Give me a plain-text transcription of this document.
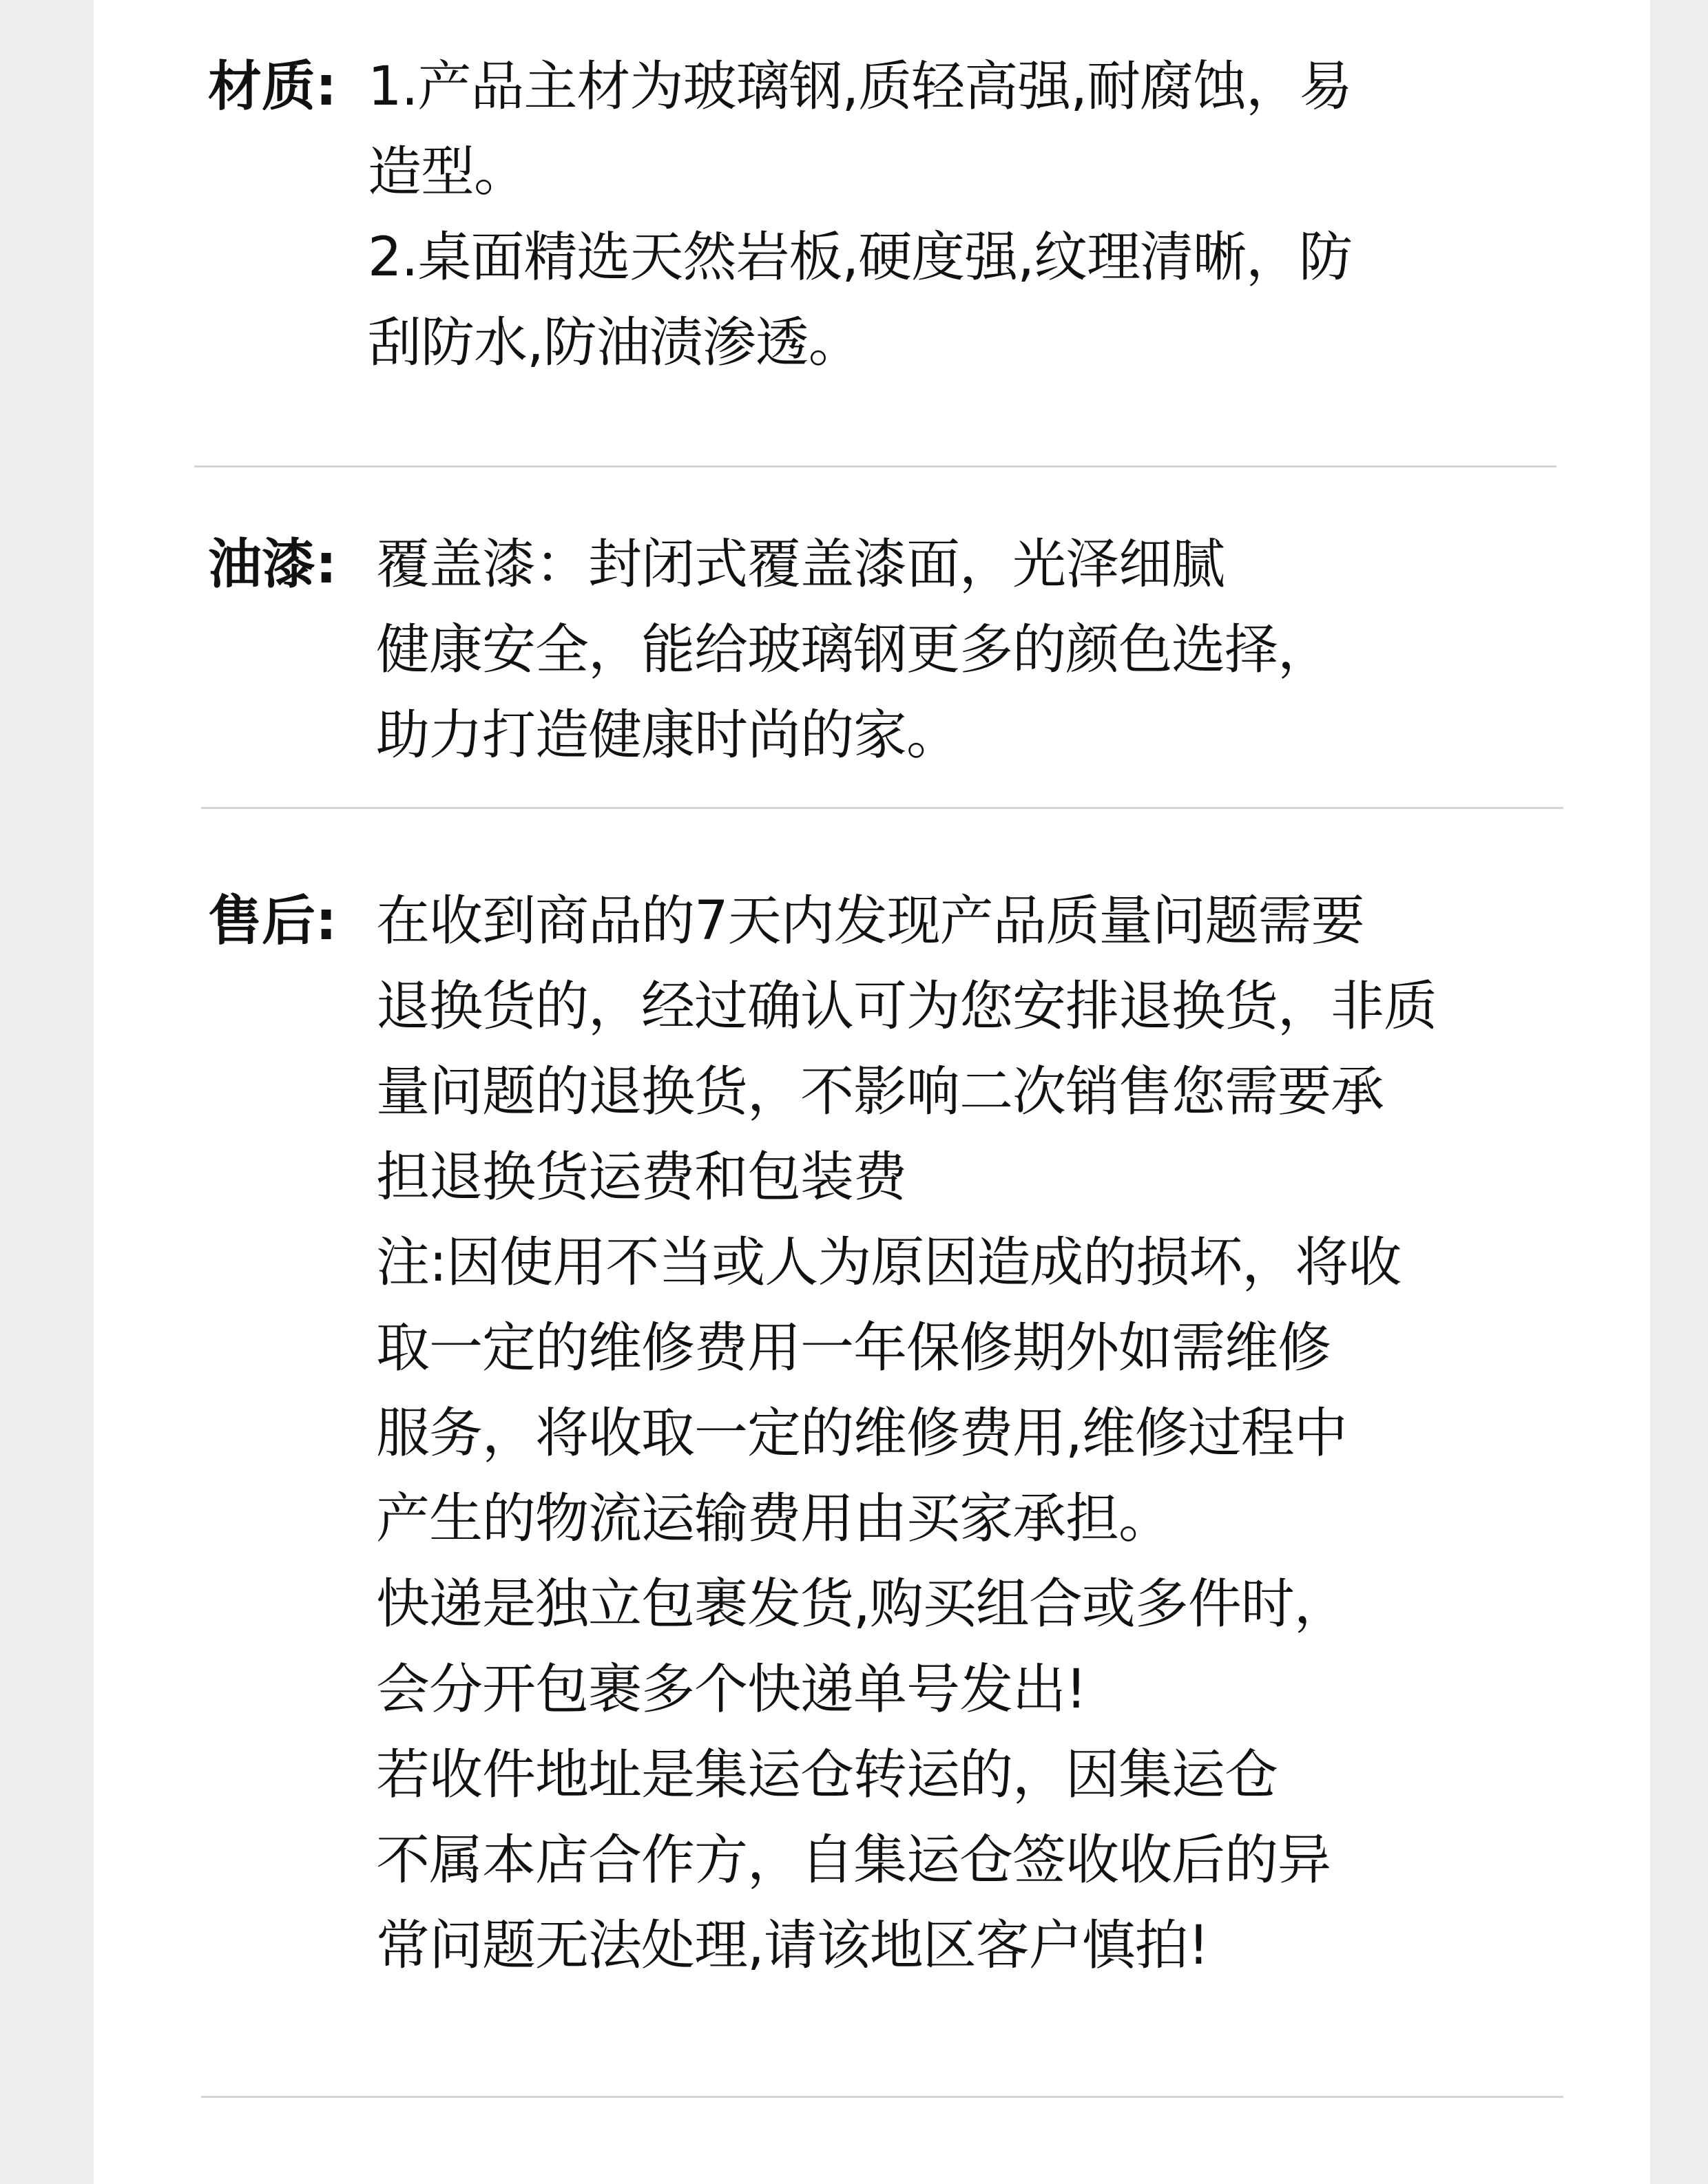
材质: 1.产品主材为玻璃钢,质轻高强,耐腐蚀，易
造型。
2.桌面精选天然岩板,硬度强,纹理清晰，防
刮防水,防油渍渗透。
油漆: 覆盖漆：封闭式覆盖漆面，光泽细腻
健康安全，能给玻璃钢更多的颜色选择，
助力打造健康时尚的家。
售后: 在收到商品的7天内发现产品质量问题需要
退换货的，经过确认可为您安排退换货，非质
量问题的退换货，不影响二次销售您需要承
担退换货运费和包装费
注:因使用不当或人为原因造成的损坏，将收
取一定的维修费用一年保修期外如需维修
服务，将收取一定的维修费用,维修过程中
产生的物流运输费用由买家承担。
快递是独立包裹发货,购买组合或多件时，
会分开包裹多个快递单号发出!
若收件地址是集运仓转运的，因集运仓
不属本店合作方，自集运仓签收收后的异
常问题无法处理,请该地区客户慎拍!
